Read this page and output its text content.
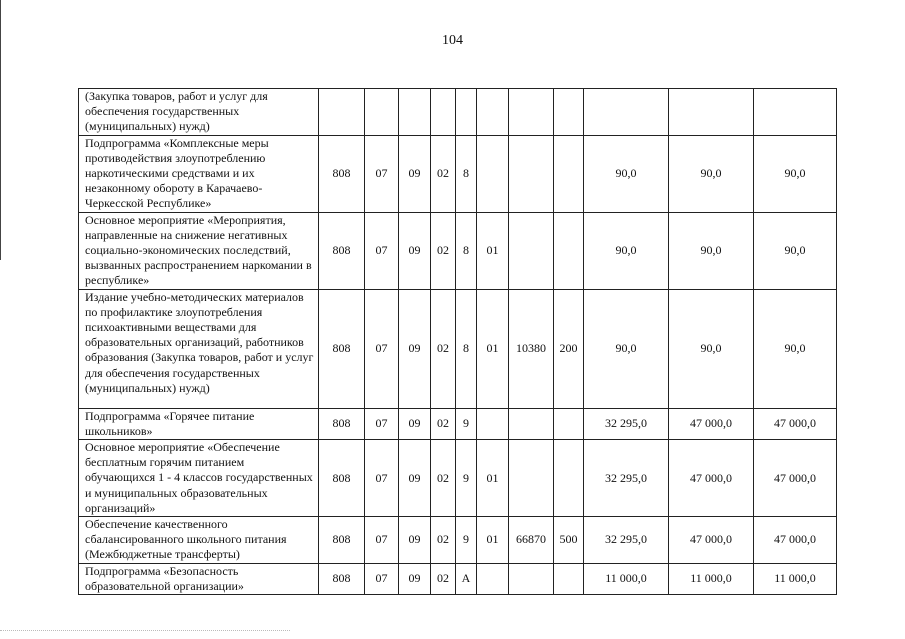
104
(Закупка товаров, работ и услуг для обеспечения государственных (муниципальных) нужд)											
Подпрограмма «Комплексные меры противодействия злоупотреблению наркотическими средствами и их незаконному обороту в Карачаево-Черкесской Республике»	808	07	09	02	8				90,0	90,0	90,0
Основное мероприятие «Мероприятия, направленные на снижение негативных социально-экономических последствий, вызванных распространением наркомании в республике»	808	07	09	02	8	01			90,0	90,0	90,0
Издание учебно-методических материалов по профилактике злоупотребления психоактивными веществами для образовательных организаций, работников образования (Закупка товаров, работ и услуг для обеспечения государственных (муниципальных) нужд)	808	07	09	02	8	01	10380	200	90,0	90,0	90,0
Подпрограмма «Горячее питание школьников»	808	07	09	02	9				32 295,0	47 000,0	47 000,0
Основное мероприятие «Обеспечение бесплатным горячим питанием обучающихся 1 - 4 классов государственных и муниципальных образовательных организаций»	808	07	09	02	9	01			32 295,0	47 000,0	47 000,0
Обеспечение качественного сбалансированного школьного питания (Межбюджетные трансферты)	808	07	09	02	9	01	66870	500	32 295,0	47 000,0	47 000,0
Подпрограмма «Безопасность образовательной организации»	808	07	09	02	А				11 000,0	11 000,0	11 000,0
